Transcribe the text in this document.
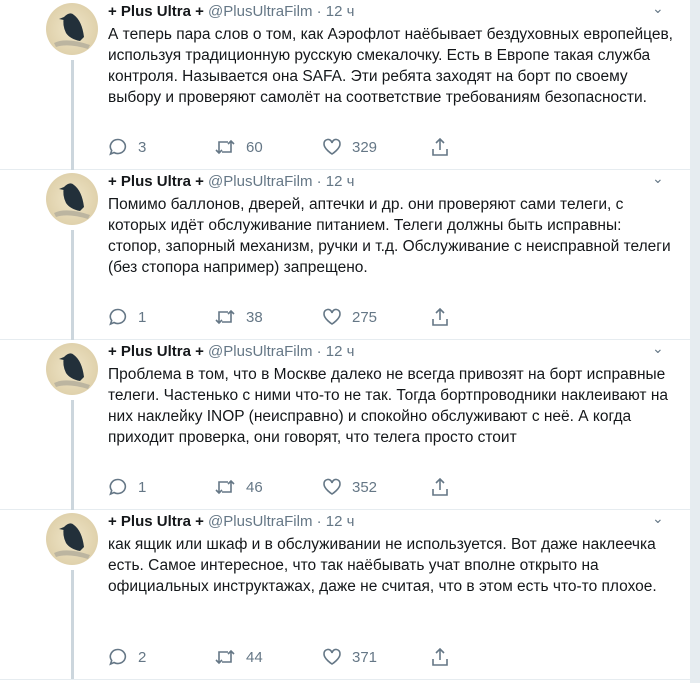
+ Plus Ultra + @PlusUltraFilm · 12 ч	⌄
А теперь пара слов о том, как Аэрофлот наёбывает бездуховных европейцев, используя традиционную русскую смекалочку. Есть в Европе такая служба контроля. Называется она SAFA. Эти ребята заходят на борт по своему выбору и проверяют самолёт на соответствие требованиям безопасности.
3	60	329
+ Plus Ultra + @PlusUltraFilm · 12 ч	⌄
Помимо баллонов, дверей, аптечки и др. они проверяют сами телеги, с которых идёт обслуживание питанием. Телеги должны быть исправны: стопор, запорный механизм, ручки и т.д. Обслуживание с неисправной телеги (без стопора например) запрещено.
1	38	275
+ Plus Ultra + @PlusUltraFilm · 12 ч	⌄
Проблема в том, что в Москве далеко не всегда привозят на борт исправные телеги. Частенько с ними что-то не так. Тогда бортпроводники наклеивают на них наклейку INOP (неисправно) и спокойно обслуживают с неё. А когда приходит проверка, они говорят, что телега просто стоит
1	46	352
+ Plus Ultra + @PlusUltraFilm · 12 ч	⌄
как ящик или шкаф и в обслуживании не используется. Вот даже наклеечка есть. Самое интересное, что так наёбывать учат вполне открыто на официальных инструктажах, даже не считая, что в этом есть что-то плохое.
2	44	371
